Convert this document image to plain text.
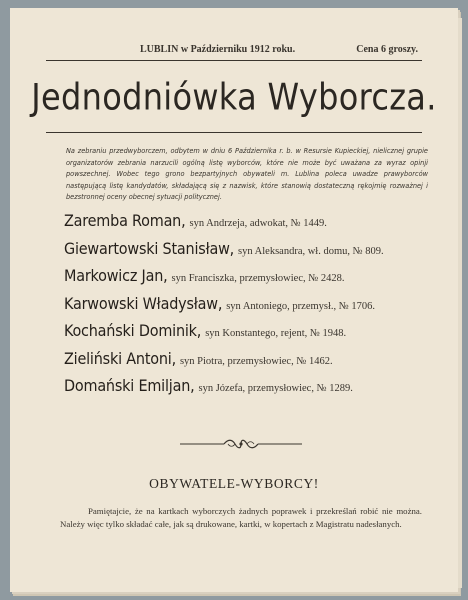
LUBLIN w Październiku 1912 roku.	Cena 6 groszy.
Jednodniówka Wyborcza.
Na zebraniu przedwyborczem, odbytem w dniu 6 Października r. b. w Resursie Kupieckiej, nielicznej grupie organizatorów zebrania narzucili ogólną listę wyborców, które nie może być uważana za wyraz opinji powszechnej. Wobec tego grono bezpartyjnych obywateli m. Lublina poleca uwadze prawyborców następującą listę kandydatów, składającą się z nazwisk, które stanowią dostateczną rękojmię rozważnej i bezstronnej oceny obecnej sytuacji politycznej.
Zaremba Roman, syn Andrzeja, adwokat, № 1449.
Giewartowski Stanisław, syn Aleksandra, wł. domu, № 809.
Markowicz Jan, syn Franciszka, przemysłowiec, № 2428.
Karwowski Władysław, syn Antoniego, przemysł., № 1706.
Kochański Dominik, syn Konstantego, rejent, № 1948.
Zieliński Antoni, syn Piotra, przemysłowiec, № 1462.
Domański Emiljan, syn Józefa, przemysłowiec, № 1289.
OBYWATELE-WYBORCY!
Pamiętajcie, że na kartkach wyborczych żadnych poprawek i przekreślań robić nie można. Należy więc tylko składać całe, jak są drukowane, kartki, w kopertach z Magistratu nadesłanych.
